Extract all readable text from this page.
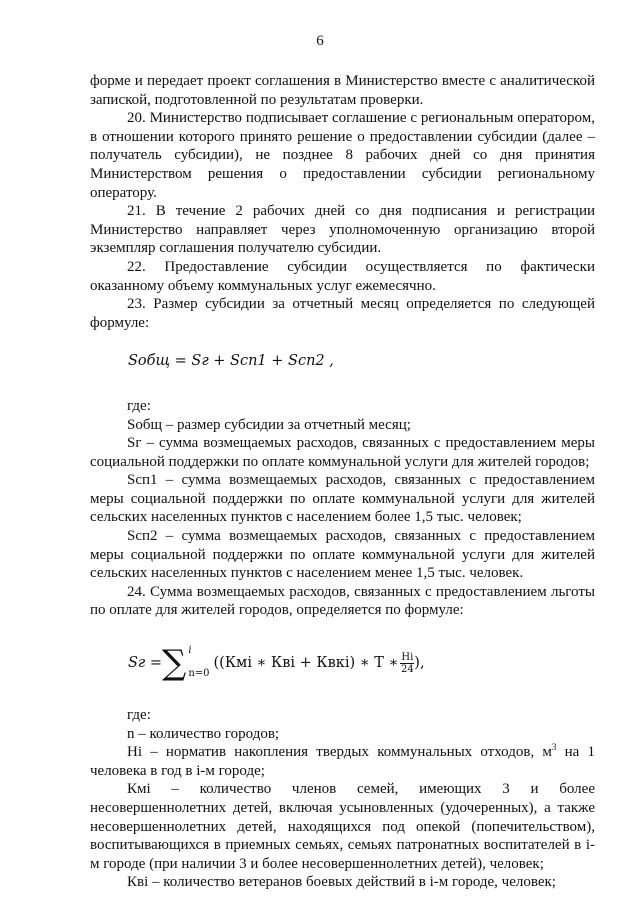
6

форме и передает проект соглашения в Министерство вместе с аналитической запиской, подготовленной по результатам проверки.

20. Министерство подписывает соглашение с региональным оператором, в отношении которого принято решение о предоставлении субсидии (далее – получатель субсидии), не позднее 8 рабочих дней со дня принятия Министерством решения о предоставлении субсидии региональному оператору.

21. В течение 2 рабочих дней со дня подписания и регистрации Министерство направляет через уполномоченную организацию второй экземпляр соглашения получателю субсидии.

22. Предоставление субсидии осуществляется по фактически оказанному объему коммунальных услуг ежемесячно.

23. Размер субсидии за отчетный месяц определяется по следующей формуле:

Sобщ = Sг + Sсп1 + Sсп2 ,

где:

Sобщ – размер субсидии за отчетный месяц;

Sг – сумма возмещаемых расходов, связанных с предоставлением меры социальной поддержки по оплате коммунальной услуги для жителей городов;

Sсп1 – сумма возмещаемых расходов, связанных с предоставлением меры социальной поддержки по оплате коммунальной услуги для жителей сельских населенных пунктов с населением более 1,5 тыс. человек;

Sсп2 – сумма возмещаемых расходов, связанных с предоставлением меры социальной поддержки по оплате коммунальной услуги для жителей сельских населенных пунктов с населением менее 1,5 тыс. человек.

24. Сумма возмещаемых расходов, связанных с предоставлением льготы по оплате для жителей городов, определяется по формуле:

Sг = ∑ i
n=0
((Кмi ∗ Квi + Квкi) ∗ Т ∗ $\frac{Нi}{24}$ ),

где:

n – количество городов;

Нi – норматив накопления твердых коммунальных отходов, $м^3$ на 1 человека в год в i-м городе;

Кмi – количество членов семей, имеющих 3 и более несовершеннолетних детей, включая усыновленных (удочеренных), а также несовершеннолетних детей, находящихся под опекой (попечительством), воспитывающихся в приемных семьях, семьях патронатных воспитателей в i-м городе (при наличии 3 и более несовершеннолетних детей), человек;

Квi – количество ветеранов боевых действий в i-м городе, человек;
